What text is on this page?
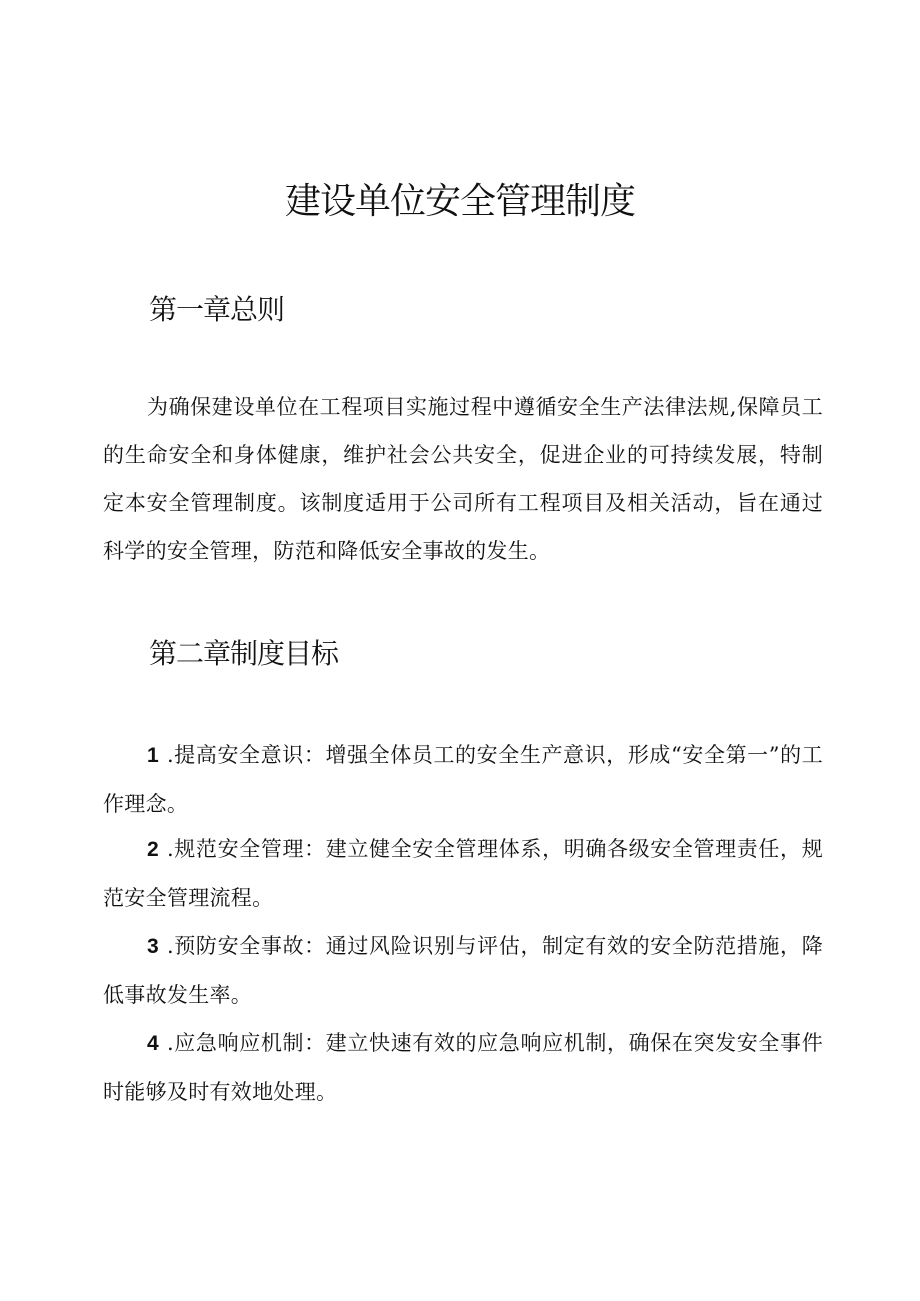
建设单位安全管理制度
第一章总则

为确保建设单位在工程项目实施过程中遵循安全生产法律法规,保障员工的生命安全和身体健康，维护社会公共安全，促进企业的可持续发展，特制定本安全管理制度。该制度适用于公司所有工程项目及相关活动，旨在通过科学的安全管理，防范和降低安全事故的发生。

第二章制度目标

1 .提高安全意识：增强全体员工的安全生产意识，形成“安全第一”的工作理念。

2 .规范安全管理：建立健全安全管理体系，明确各级安全管理责任，规范安全管理流程。

3 .预防安全事故：通过风险识别与评估，制定有效的安全防范措施，降低事故发生率。

4 .应急响应机制：建立快速有效的应急响应机制，确保在突发安全事件时能够及时有效地处理。
